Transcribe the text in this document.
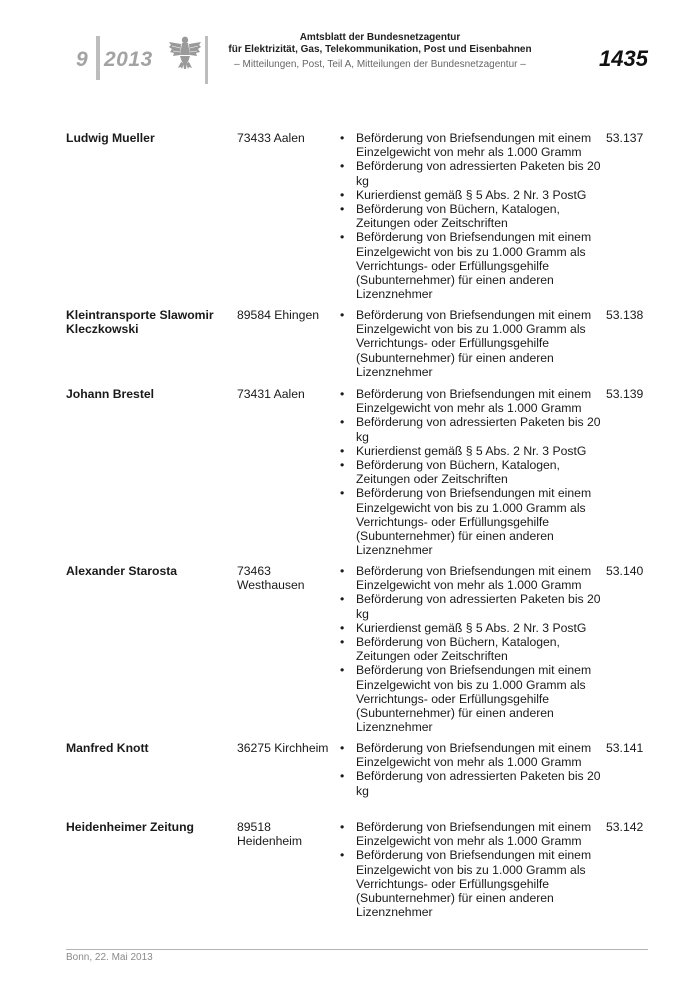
9 2013
Amtsblatt der Bundesnetzagentur
für Elektrizität, Gas, Telekommunikation, Post und Eisenbahnen
– Mitteilungen, Post, Teil A, Mitteilungen der Bundesnetzagentur –	1435
Ludwig Mueller	73433 Aalen	• Beförderung von Briefsendungen mit einem Einzelgewicht von mehr als 1.000 Gramm
• Beförderung von adressierten Paketen bis 20 kg
• Kurierdienst gemäß § 5 Abs. 2 Nr. 3 PostG
• Beförderung von Büchern, Katalogen, Zeitungen oder Zeitschriften
• Beförderung von Briefsendungen mit einem Einzelgewicht von bis zu 1.000 Gramm als Verrichtungs- oder Erfüllungsgehilfe (Subunternehmer) für einen anderen Lizenznehmer
53.137
Kleintransporte Slawomir Kleczkowski
89584 Ehingen	• Beförderung von Briefsendungen mit einem Einzelgewicht von bis zu 1.000 Gramm als Verrichtungs- oder Erfüllungsgehilfe (Subunternehmer) für einen anderen Lizenznehmer
53.138
Johann Brestel	73431 Aalen	• Beförderung von Briefsendungen mit einem Einzelgewicht von mehr als 1.000 Gramm
• Beförderung von adressierten Paketen bis 20 kg
• Kurierdienst gemäß § 5 Abs. 2 Nr. 3 PostG
• Beförderung von Büchern, Katalogen, Zeitungen oder Zeitschriften
• Beförderung von Briefsendungen mit einem Einzelgewicht von bis zu 1.000 Gramm als Verrichtungs- oder Erfüllungsgehilfe (Subunternehmer) für einen anderen Lizenznehmer
53.139
Alexander Starosta	73463 Westhausen
• Beförderung von Briefsendungen mit einem Einzelgewicht von mehr als 1.000 Gramm
• Beförderung von adressierten Paketen bis 20 kg
• Kurierdienst gemäß § 5 Abs. 2 Nr. 3 PostG
• Beförderung von Büchern, Katalogen, Zeitungen oder Zeitschriften
• Beförderung von Briefsendungen mit einem Einzelgewicht von bis zu 1.000 Gramm als Verrichtungs- oder Erfüllungsgehilfe (Subunternehmer) für einen anderen Lizenznehmer
53.140
Manfred Knott	36275 Kirchheim	• Beförderung von Briefsendungen mit einem Einzelgewicht von mehr als 1.000 Gramm
• Beförderung von adressierten Paketen bis 20 kg
53.141
Heidenheimer Zeitung	89518 Heidenheim
• Beförderung von Briefsendungen mit einem Einzelgewicht von mehr als 1.000 Gramm
• Beförderung von Briefsendungen mit einem Einzelgewicht von bis zu 1.000 Gramm als Verrichtungs- oder Erfüllungsgehilfe (Subunternehmer) für einen anderen Lizenznehmer
53.142
Bonn, 22. Mai 2013
